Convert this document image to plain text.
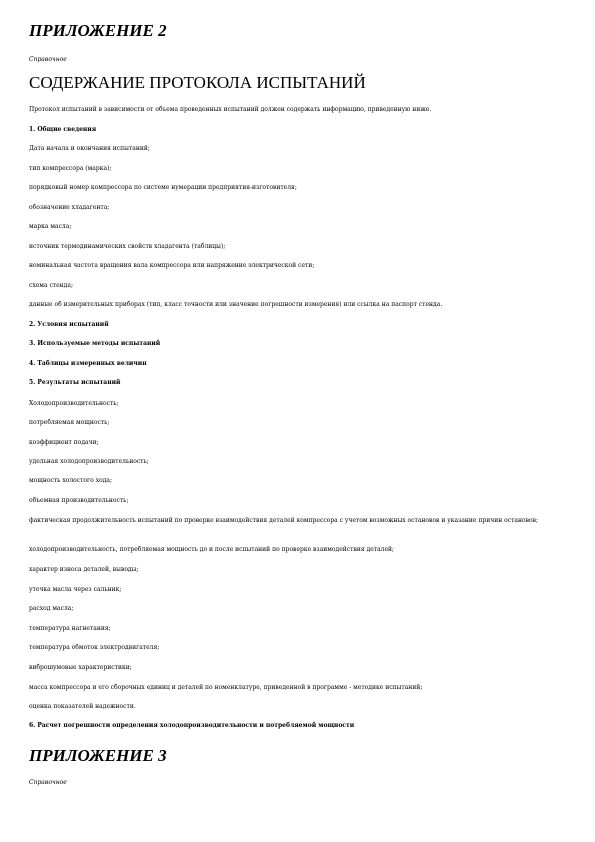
ПРИЛОЖЕНИЕ 2
Справочное
СОДЕРЖАНИЕ ПРОТОКОЛА ИСПЫТАНИЙ
Протокол испытаний в зависимости от объема проведенных испытаний должен содержать информацию, приведенную ниже.
1. Общие сведения
Дата начала и окончания испытаний;
тип компрессора (марка);
порядковый номер компрессора по системе нумерации предприятия-изготовителя;
обозначение хладагента;
марка масла;
источник термодинамических свойств хладагента (таблицы);
номинальная частота вращения вала компрессора или напряжение электрической сети;
схема стенда;
данные об измерительных приборах (тип, класс точности или значение погрешности измерения) или ссылка на паспорт стенда.
2. Условия испытаний
3. Используемые методы испытаний
4. Таблицы измеренных величин
5. Результаты испытаний
Холодопроизводительность;
потребляемая мощность;
коэффициент подачи;
удельная холодопроизводительность;
мощность холостого хода;
объемная производительность;
фактическая продолжительность испытаний по проверке взаимодействия деталей компрессора с учетом возможных остановов и указание причин остановов;
холодопроизводительность, потребляемая мощность до и после испытаний по проверке взаимодействия деталей;
характер износа деталей, выводы;
утечка масла через сальник;
расход масла;
температура нагнетания;
температура обмоток электродвигателя;
виброшумовые характеристики;
масса компрессора и его сборочных единиц и деталей по номенклатуре, приведенной в программе - методике испытаний;
оценка показателей надежности.
6. Расчет погрешности определения холодопроизводительности и потребляемой мощности
ПРИЛОЖЕНИЕ 3
Справочное
